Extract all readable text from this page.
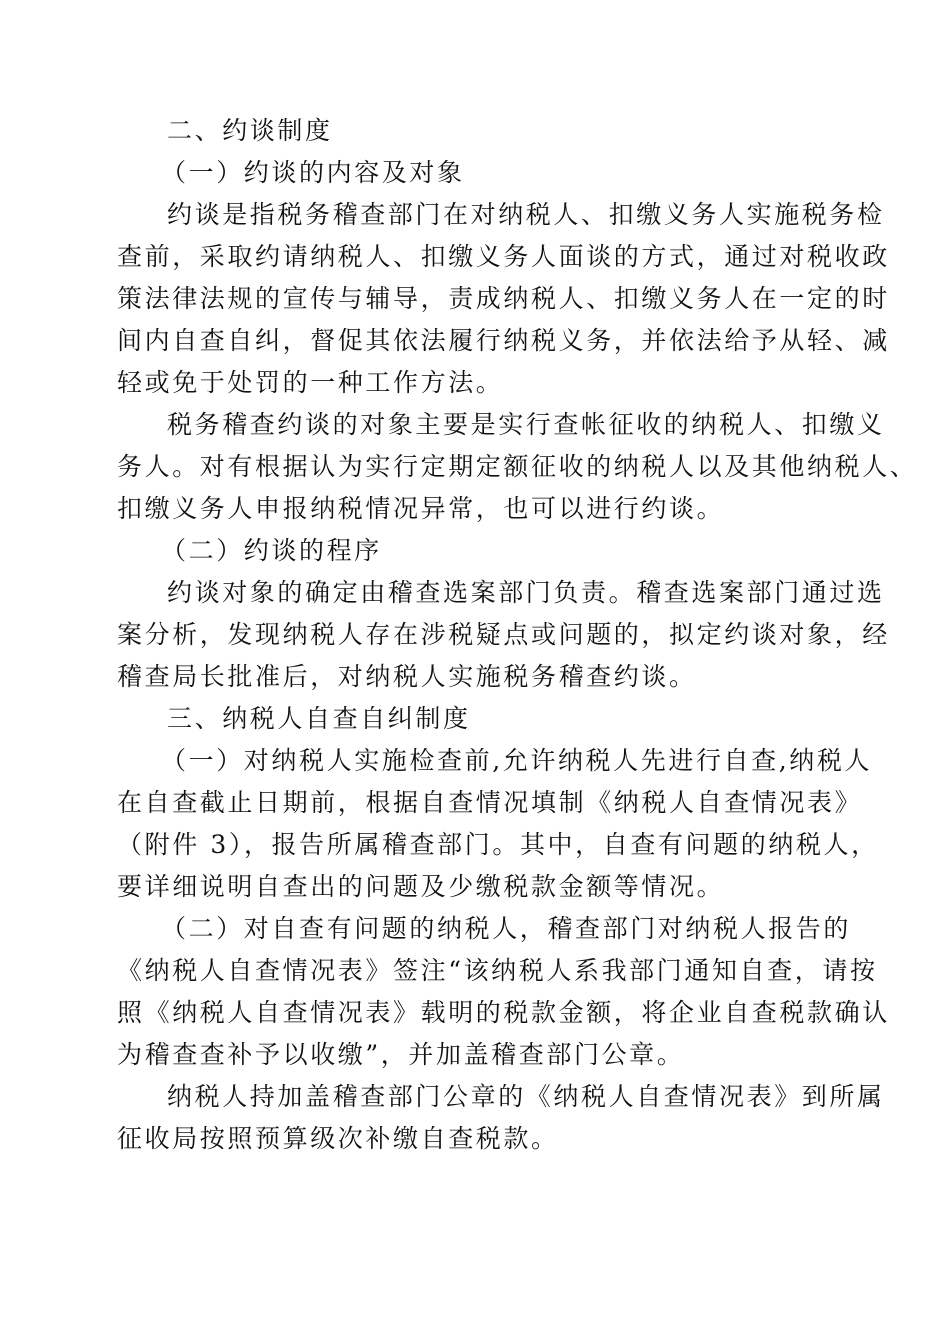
二、约谈制度
（一）约谈的内容及对象
约谈是指税务稽查部门在对纳税人、扣缴义务人实施税务检
查前，采取约请纳税人、扣缴义务人面谈的方式，通过对税收政
策法律法规的宣传与辅导，责成纳税人、扣缴义务人在一定的时
间内自查自纠，督促其依法履行纳税义务，并依法给予从轻、减
轻或免于处罚的一种工作方法。
税务稽查约谈的对象主要是实行查帐征收的纳税人、扣缴义
务人。对有根据认为实行定期定额征收的纳税人以及其他纳税人、
扣缴义务人申报纳税情况异常，也可以进行约谈。
（二）约谈的程序
约谈对象的确定由稽查选案部门负责。稽查选案部门通过选
案分析，发现纳税人存在涉税疑点或问题的，拟定约谈对象，经
稽查局长批准后，对纳税人实施税务稽查约谈。
三、纳税人自查自纠制度
（一）对纳税人实施检查前,允许纳税人先进行自查,纳税人
在自查截止日期前，根据自查情况填制《纳税人自查情况表》
（附件 3），报告所属稽查部门。其中，自查有问题的纳税人，
要详细说明自查出的问题及少缴税款金额等情况。
（二）对自查有问题的纳税人，稽查部门对纳税人报告的
《纳税人自查情况表》签注“该纳税人系我部门通知自查，请按
照《纳税人自查情况表》载明的税款金额，将企业自查税款确认
为稽查查补予以收缴”，并加盖稽查部门公章。
纳税人持加盖稽查部门公章的《纳税人自查情况表》到所属
征收局按照预算级次补缴自查税款。
